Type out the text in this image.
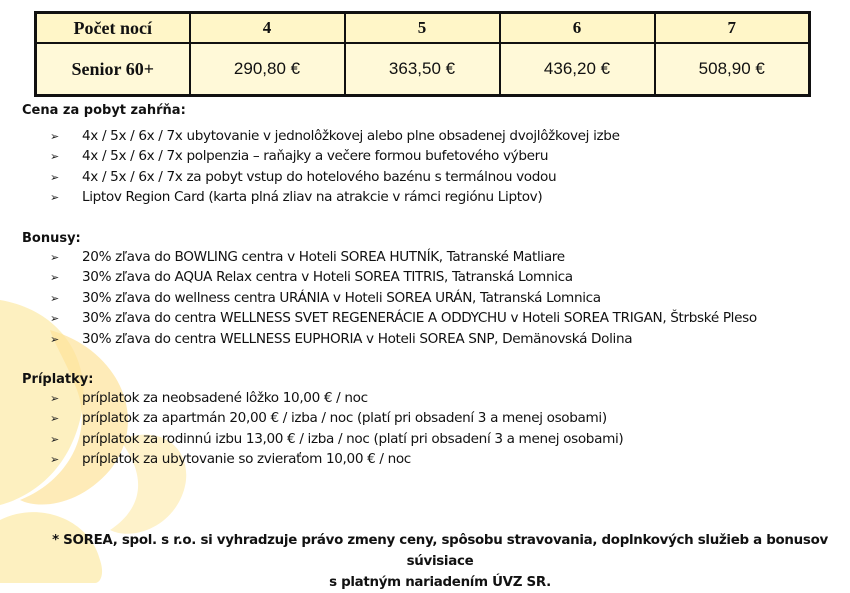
Počet nocí	4	5	6	7
Senior 60+	290,80 €	363,50 €	436,20 €	508,90 €
Cena za pobyt zahŕňa:
➢ 4x / 5x / 6x / 7x ubytovanie v jednolôžkovej alebo plne obsadenej dvojlôžkovej izbe
➢ 4x / 5x / 6x / 7x polpenzia – raňajky a večere formou bufetového výberu
➢ 4x / 5x / 6x / 7x za pobyt vstup do hotelového bazénu s termálnou vodou
➢ Liptov Region Card (karta plná zliav na atrakcie v rámci regiónu Liptov)
Bonusy:
➢ 20% zľava do BOWLING centra v Hoteli SOREA HUTNÍK, Tatranské Matliare
➢ 30% zľava do AQUA Relax centra v Hoteli SOREA TITRIS, Tatranská Lomnica
➢ 30% zľava do wellness centra URÁNIA v Hoteli SOREA URÁN, Tatranská Lomnica
➢ 30% zľava do centra WELLNESS SVET REGENERÁCIE A ODDYCHU v Hoteli SOREA TRIGAN, Štrbské Pleso
➢ 30% zľava do centra WELLNESS EUPHORIA v Hoteli SOREA SNP, Demänovská Dolina
Príplatky:
➢ príplatok za neobsadené lôžko 10,00 € / noc
➢ príplatok za apartmán 20,00 € / izba / noc (platí pri obsadení 3 a menej osobami)
➢ príplatok za rodinnú izbu 13,00 € / izba / noc (platí pri obsadení 3 a menej osobami)
➢ príplatok za ubytovanie so zvieraťom 10,00 € / noc
* SOREA, spol. s r.o. si vyhradzuje právo zmeny ceny, spôsobu stravovania, doplnkových služieb a bonusov súvisiace
s platným nariadením ÚVZ SR.
